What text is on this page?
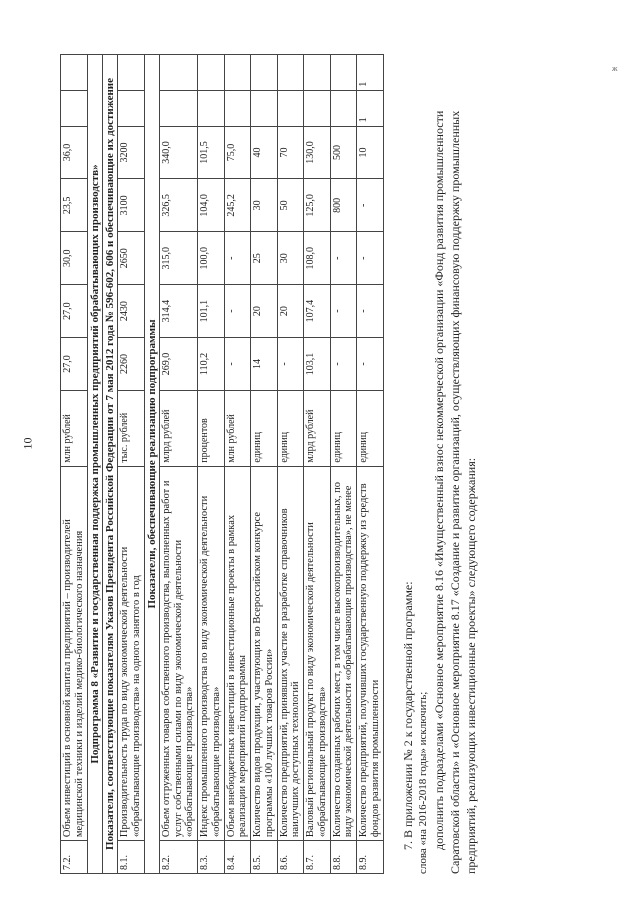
10
ж
7.2.	Объем инвестиций в основной капитал предприятий – производителей медицинской техники и изделий медико-биологического назначения	млн рублей	27,0	27,0	30,0	23,5	36,0		
Подпрограмма 8 «Развитие и государственная поддержка промышленных предприятий обрабатывающих производств»									
Показатели, соответствующие показателям Указов Президента Российской Федерации от 7 мая 2012 года № 596-602, 606 и обеспечивающие их достижение									
8.1.	Производительность труда по виду экономической деятельности «обрабатывающие производства» на одного занятого в год	тыс. рублей	2260	2430	2650	3100	3200		
Показатели, обеспечивающие реализацию подпрограммы									
8.2.	Объем отгруженных товаров собственного производства, выполненных работ и услуг собственными силами по виду экономической деятельности «обрабатывающие производства»	млрд рублей	269,0	314,4	315,0	326,5	340,0		
8.3.	Индекс промышленного производства по виду экономической деятельности «обрабатывающие производства»	процентов	110,2	101,1	100,0	104,0	101,5		
8.4.	Объем внебюджетных инвестиций в инвестиционные проекты в рамках реализации мероприятий подпрограммы	млн рублей	-	-	-	245,2	75,0		
8.5.	Количество видов продукции, участвующих во Всероссийском конкурсе программы «100 лучших товаров России»	единиц	14	20	25	30	40		
8.6.	Количество предприятий, принявших участие в разработке справочников наилучших доступных технологий	единиц	-	20	30	50	70		
8.7.	Валовый региональный продукт по виду экономической деятельности «обрабатывающие производства»	млрд рублей	103,1	107,4	108,0	125,0	130,0		
8.8.	Количество созданных рабочих мест, в том числе высокопроизводительных, по виду экономической деятельности «обрабатывающие производства», не менее	единиц	-	-	-	800	500		
8.9.	Количество предприятий, получивших государственную поддержку из средств фондов развития промышленности	единиц	-	-	-	-	10	1	1

7. В приложении № 2 к государственной программе: слова «на 2016-2018 годы» исключить; дополнить подразделами «Основное мероприятие 8.16 «Имущественный взнос некоммерческой организации «Фонд развития промышленности Саратовской области» и «Основное мероприятие 8.17 «Создание и развитие организаций, осуществляющих финансовую поддержку промышленных предприятий, реализующих инвестиционные проекты» следующего содержания:
